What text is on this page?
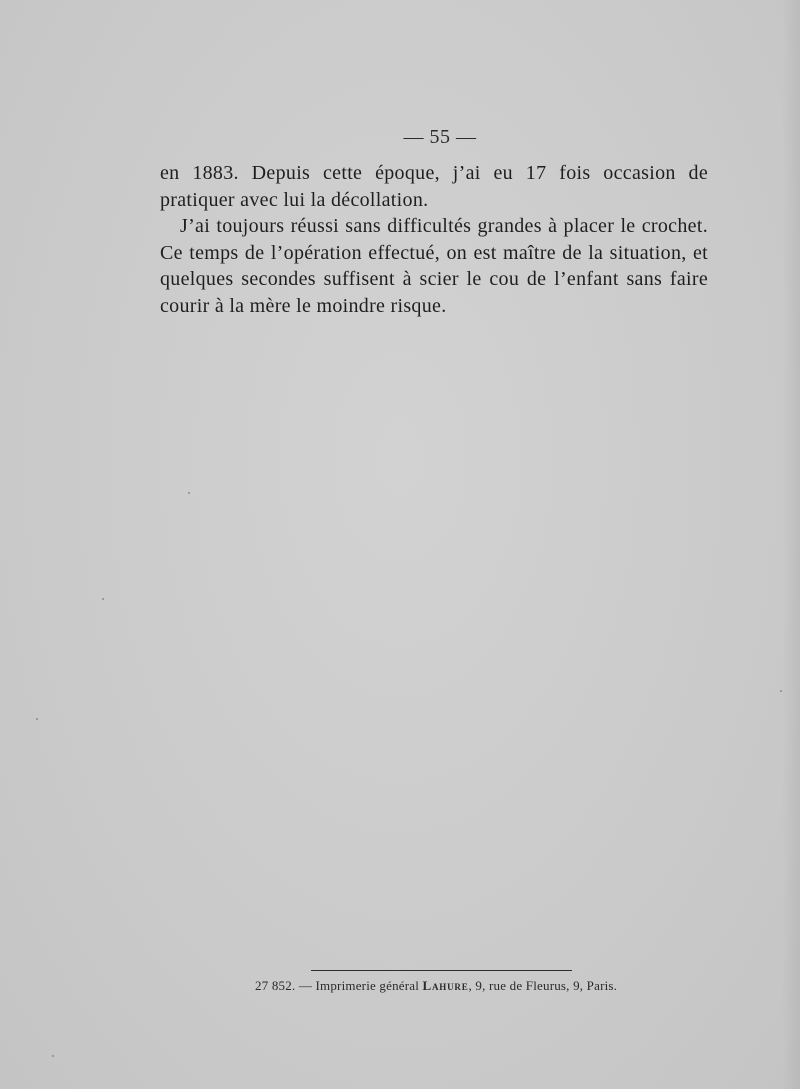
— 55 —

en 1883. Depuis cette époque, j’ai eu 17 fois occasion de pratiquer avec lui la décollation.

J’ai toujours réussi sans difficultés grandes à placer le crochet. Ce temps de l’opération effectué, on est maître de la situation, et quelques secondes suffisent à scier le cou de l’enfant sans faire courir à la mère le moindre risque.

27 852. — Imprimerie général Lahure, 9, rue de Fleurus, 9, Paris.
